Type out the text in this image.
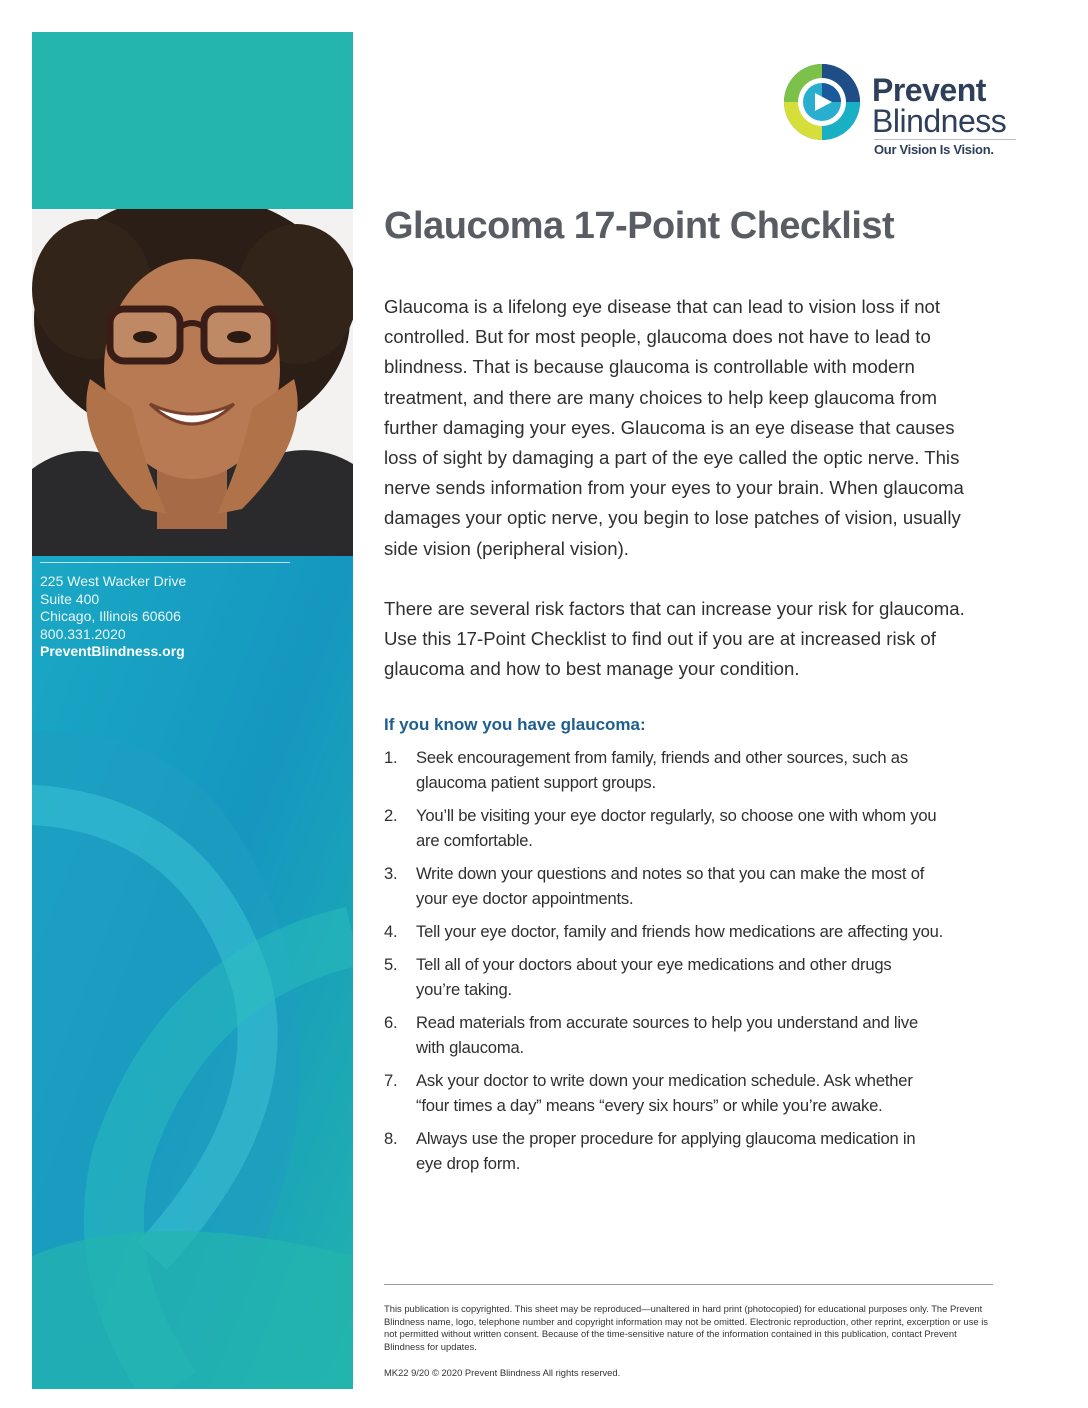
225 West Wacker Drive
Suite 400
Chicago, Illinois 60606
800.331.2020
PreventBlindness.org
Prevent
Blindness
Our Vision Is Vision.
Glaucoma 17-Point Checklist

Glaucoma is a lifelong eye disease that can lead to vision loss if not controlled. But for most people, glaucoma does not have to lead to blindness. That is because glaucoma is controllable with modern treatment, and there are many choices to help keep glaucoma from further damaging your eyes. Glaucoma is an eye disease that causes loss of sight by damaging a part of the eye called the optic nerve. This nerve sends information from your eyes to your brain. When glaucoma damages your optic nerve, you begin to lose patches of vision, usually side vision (peripheral vision).

There are several risk factors that can increase your risk for glaucoma. Use this 17-Point Checklist to find out if you are at increased risk of glaucoma and how to best manage your condition.

If you know you have glaucoma:
1. Seek encouragement from family, friends and other sources, such as glaucoma patient support groups.
2. You’ll be visiting your eye doctor regularly, so choose one with whom you are comfortable.
3. Write down your questions and notes so that you can make the most of your eye doctor appointments.
4. Tell your eye doctor, family and friends how medications are affecting you.
5. Tell all of your doctors about your eye medications and other drugs    you’re taking.
6. Read materials from accurate sources to help you understand and live with glaucoma.
7. Ask your doctor to write down your medication schedule. Ask whether “four times a day” means “every six hours” or while you’re awake.
8. Always use the proper procedure for applying glaucoma medication in eye drop form.
This publication is copyrighted. This sheet may be reproduced—unaltered in hard print (photocopied) for educational purposes only. The Prevent Blindness name, logo, telephone number and copyright information may not be omitted. Electronic reproduction, other reprint, excerption or use is not permitted without written consent. Because of the time-sensitive nature of the information contained in this publication, contact Prevent Blindness for updates.
MK22 9/20 © 2020 Prevent Blindness All rights reserved.
